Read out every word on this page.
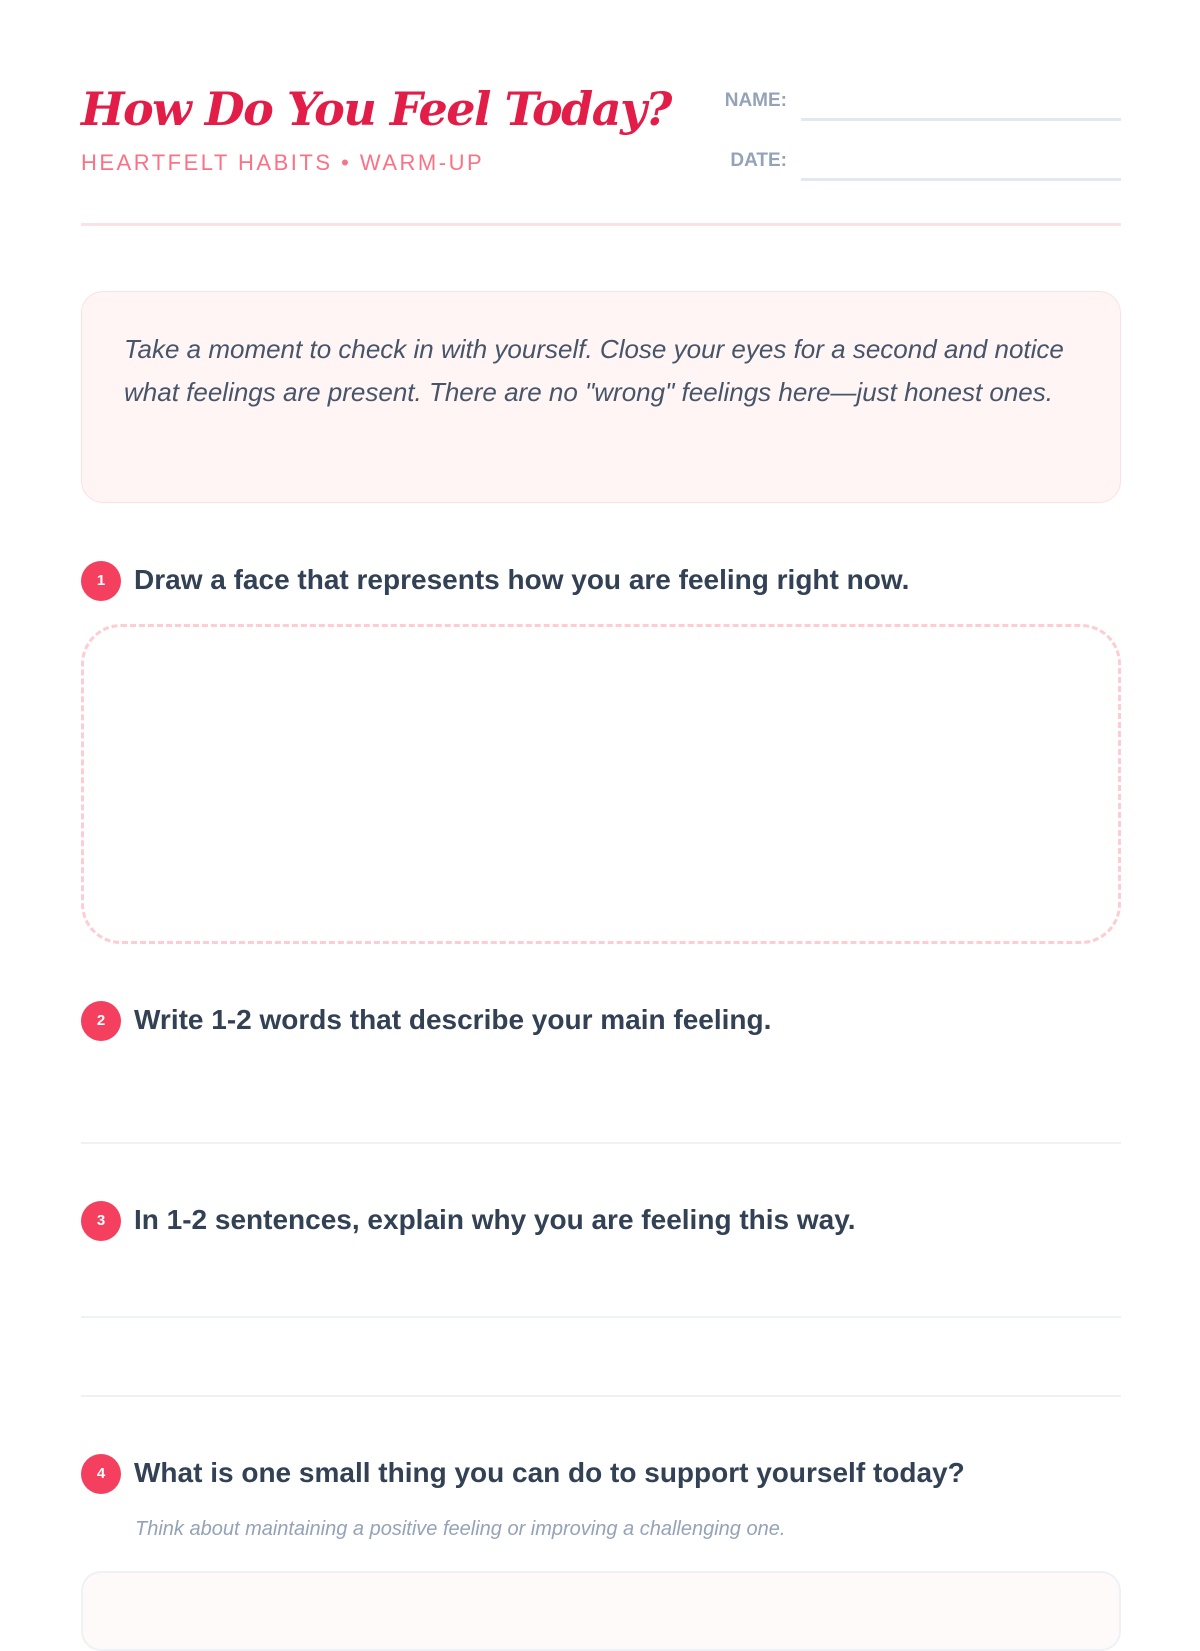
How Do You Feel Today?
HEARTFELT HABITS • WARM-UP
NAME:
DATE:

Take a moment to check in with yourself. Close your eyes for a second and notice what feelings are present. There are no "wrong" feelings here—just honest ones.

1	Draw a face that represents how you are feeling right now.
2	Write 1-2 words that describe your main feeling.
3	In 1-2 sentences, explain why you are feeling this way.
4	What is one small thing you can do to support yourself today?
Think about maintaining a positive feeling or improving a challenging one.
